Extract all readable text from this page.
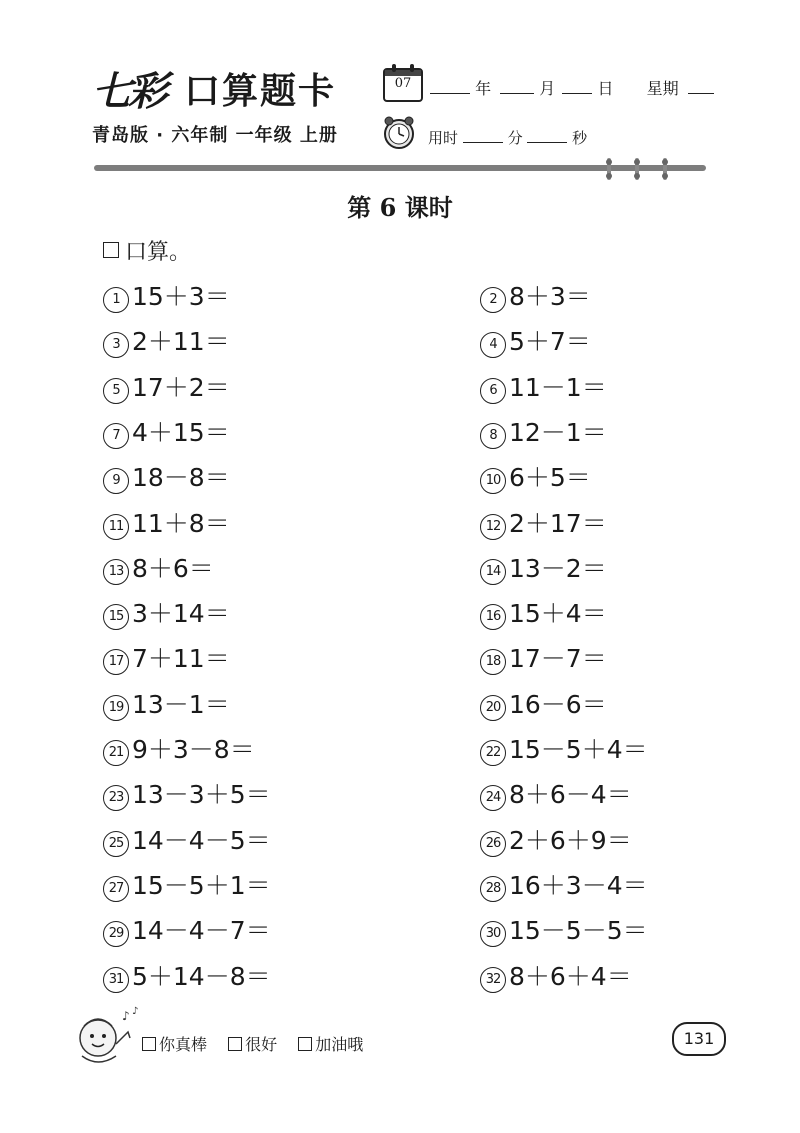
七彩 口算题卡	07	年	月	日 星期
青岛版 · 六年制 一年级 上册	用时	分	秒
第 6 课时
口算。
1 15＋3＝	2 8＋3＝
3 2＋11＝	4 5＋7＝
5 17＋2＝	6 11－1＝
7 4＋15＝	8 12－1＝
9 18－8＝	10 6＋5＝
11 11＋8＝	12 2＋17＝
13 8＋6＝	14 13－2＝
15 3＋14＝	16 15＋4＝
17 7＋11＝	18 17－7＝
19 13－1＝	20 16－6＝
21 9＋3－8＝	22 15－5＋4＝
23 13－3＋5＝	24 8＋6－4＝
25 14－4－5＝	26 2＋6＋9＝
27 15－5＋1＝	28 16＋3－4＝
29 14－4－7＝	30 15－5－5＝
31 5＋14－8＝	32 8＋6＋4＝
♪ ♪
你真棒 很好 加油哦	131
